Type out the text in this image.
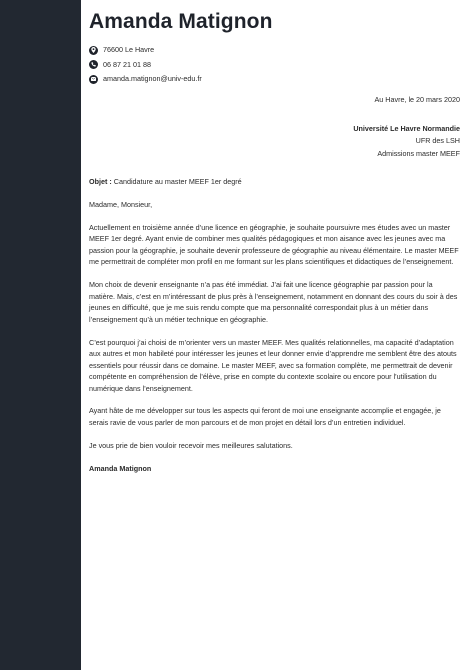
Amanda Matignon
76600 Le Havre
06 87 21 01 88
amanda.matignon@univ-edu.fr
Au Havre, le 20 mars 2020
Université Le Havre Normandie
UFR des LSH
Admissions master MEEF

Objet : Candidature au master MEEF 1er degré

Madame, Monsieur,

Actuellement en troisième année d’une licence en géographie, je souhaite poursuivre mes études avec un master MEEF 1er degré. Ayant envie de combiner mes qualités pédagogiques et mon aisance avec les jeunes avec ma passion pour la géographie, je souhaite devenir professeure de géographie au niveau élémentaire. Le master MEEF me permettrait de compléter mon profil en me formant sur les plans scientifiques et didactiques de l’enseignement.

Mon choix de devenir enseignante n’a pas été immédiat. J’ai fait une licence géographie par passion pour la matière. Mais, c’est en m’intéressant de plus près à l’enseignement, notamment en donnant des cours du soir à des jeunes en difficulté, que je me suis rendu compte que ma personnalité correspondait plus à un métier dans l’enseignement qu’à un métier technique en géographie.

C’est pourquoi j’ai choisi de m’orienter vers un master MEEF. Mes qualités relationnelles, ma capacité d’adaptation aux autres et mon habileté pour intéresser les jeunes et leur donner envie d’apprendre me semblent être des atouts essentiels pour réussir dans ce domaine. Le master MEEF, avec sa formation complète, me permettrait de devenir compétente en compréhension de l’élève, prise en compte du contexte scolaire ou encore pour l’utilisation du numérique dans l’enseignement.

Ayant hâte de me développer sur tous les aspects qui feront de moi une enseignante accomplie et engagée, je serais ravie de vous parler de mon parcours et de mon projet en détail lors d’un entretien individuel.

Je vous prie de bien vouloir recevoir mes meilleures salutations.

Amanda Matignon
